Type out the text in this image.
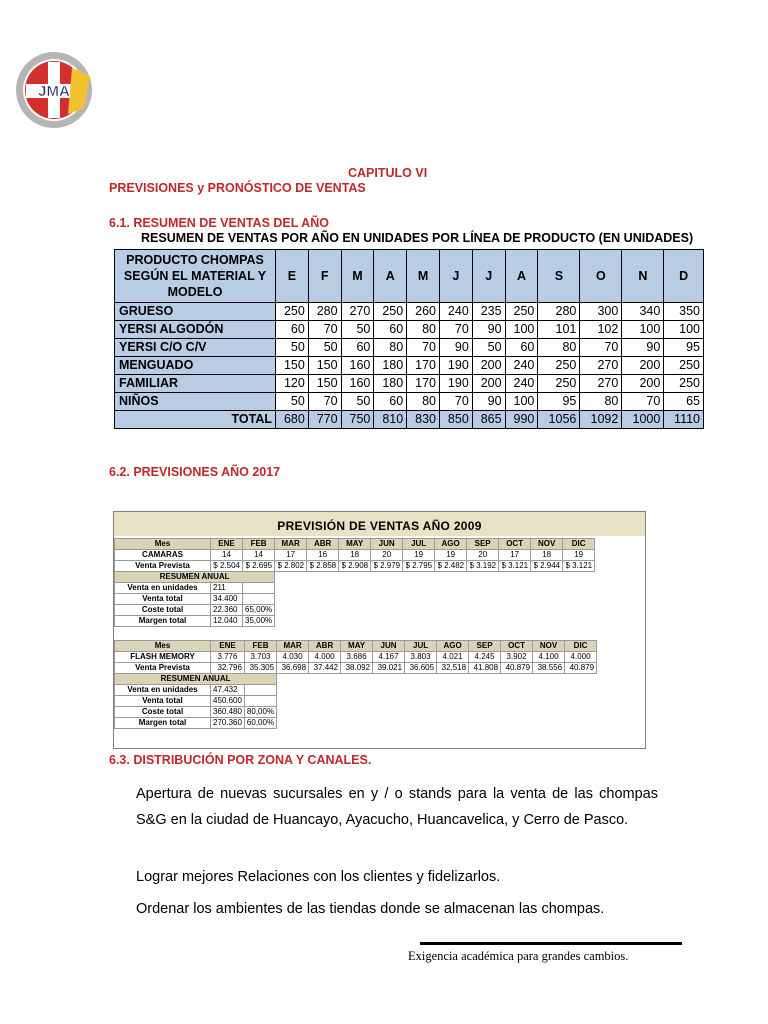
JMA
CAPITULO VI
PREVISIONES y PRONÓSTICO DE VENTAS
6.1. RESUMEN DE VENTAS DEL AÑO
RESUMEN DE VENTAS POR AÑO EN UNIDADES POR LÍNEA DE PRODUCTO (EN UNIDADES)
PRODUCTO CHOMPAS SEGÚN EL MATERIAL Y MODELO	E	F	M	A	M	J	J	A	S	O	N	D
GRUESO	250	280	270	250	260	240	235	250	280	300	340	350
YERSI ALGODÓN	60	70	50	60	80	70	90	100	101	102	100	100
YERSI C/O C/V	50	50	60	80	70	90	50	60	80	70	90	95
MENGUADO	150	150	160	180	170	190	200	240	250	270	200	250
FAMILIAR	120	150	160	180	170	190	200	240	250	270	200	250
NIÑOS	50	70	50	60	80	70	90	100	95	80	70	65
TOTAL	680	770	750	810	830	850	865	990	1056	1092	1000	1110
6.2. PREVISIONES AÑO 2017
PREVISIÓN DE VENTAS AÑO 2009
Mes	ENE	FEB	MAR	ABR	MAY	JUN	JUL	AGO	SEP	OCT	NOV	DIC
CAMARAS	14	14	17	16	18	20	19	19	20	17	18	19
Venta Prevista	$ 2.504	$ 2.695	$ 2.802	$ 2.858	$ 2.908	$ 2.979	$ 2.795	$ 2.482	$ 3.192	$ 3.121	$ 2.944	$ 3.121
RESUMEN ANUAL												
Venta en unidades	211											
Venta total	34.400											
Coste total	22.360	65,00%										
Margen total	12.040	35,00%										
Mes	ENE	FEB	MAR	ABR	MAY	JUN	JUL	AGO	SEP	OCT	NOV	DIC
FLASH MEMORY	3.776	3.703	4.030	4.000	3.686	4.167	3.803	4.021	4.245	3.902	4.100	4.000
Venta Prevista	32.796	35.305	36.698	37.442	38.092	39.021	36.605	32.518	41.808	40.879	38.556	40.879
RESUMEN ANUAL												
Venta en unidades	47.432											
Venta total	450.600											
Coste total	360.480	80,00%										
Margen total	270.360	60,00%										
6.3. DISTRIBUCIÓN POR ZONA Y CANALES.
Apertura de nuevas sucursales en y / o stands para la venta de las chompas S&G en la ciudad de Huancayo, Ayacucho, Huancavelica, y Cerro de Pasco.
Lograr mejores Relaciones con los clientes y fidelizarlos.
Ordenar los ambientes de las tiendas donde se almacenan las chompas.
Exigencia académica para grandes cambios.
